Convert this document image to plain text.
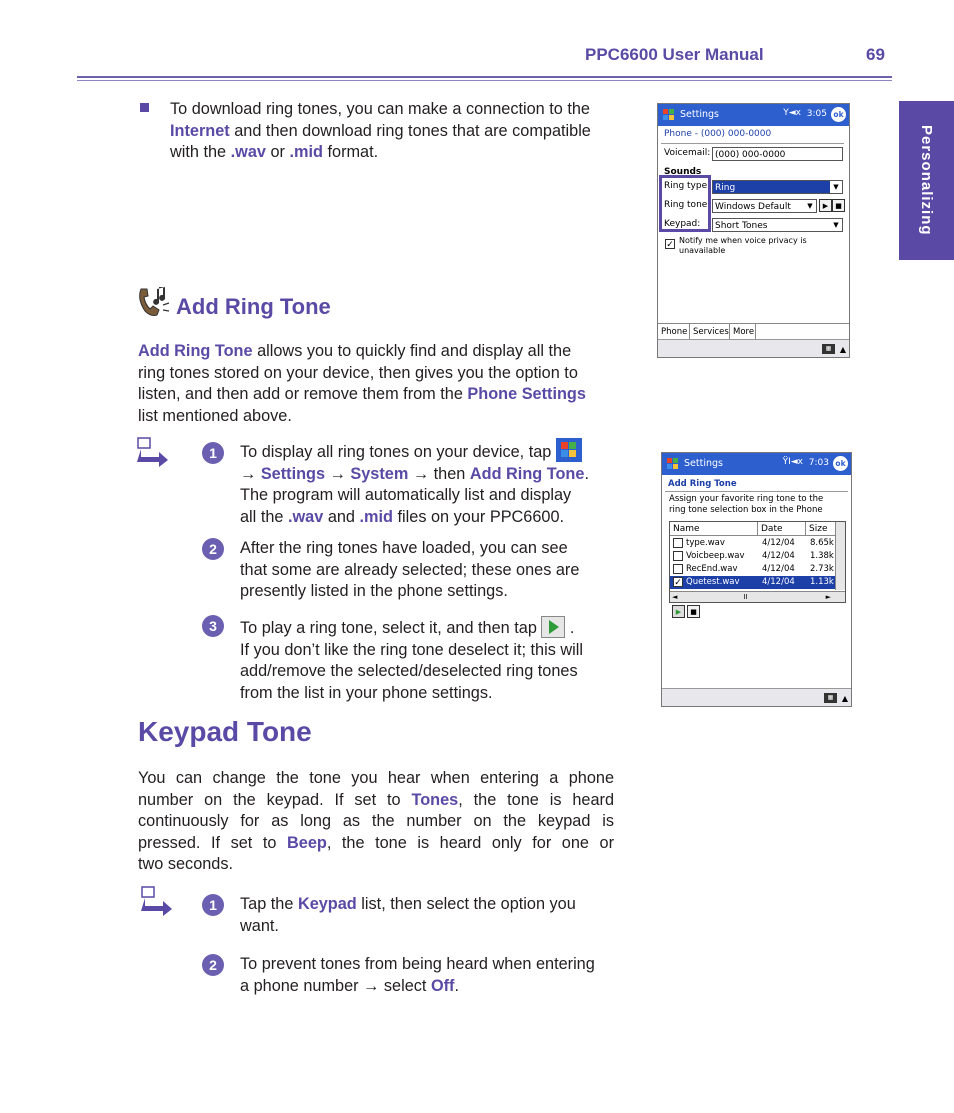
PPC6600 User Manual	69
Personalizing
To download ring tones, you can make a connection to the
Internet and then download ring tones that are compatible
with the .wav or .mid format.
Add Ring Tone
Add Ring Tone allows you to quickly find and display all the
ring tones stored on your device, then gives you the option to
listen, and then add or remove them from the Phone Settings
list mentioned above.
1	To display all ring tones on your device, tap
→ Settings → System → then Add Ring Tone.
The program will automatically list and display
all the .wav and .mid files on your PPC6600.
2	After the ring tones have loaded, you can see
that some are already selected; these ones are
presently listed in the phone settings.
3	To play a ring tone, select it, and then tap  .
If you don’t like the ring tone deselect it; this will
add/remove the selected/deselected ring tones
from the list in your phone settings.
Keypad Tone
You can change the tone you hear when entering a phone
number on the keypad. If set to Tones, the tone is heard
continuously for as long as the number on the keypad is
pressed. If set to Beep, the tone is heard only for one or
two seconds.
1	Tap the Keypad list, then select the option you
want.
2	To prevent tones from being heard when entering
a phone number → select Off.
Settings	3:05
Y◄x	ok
Phone - (000) 000-0000
Voicemail: (000) 000-0000
Sounds
Ring type: Ring	▼
Ring tone: Windows Default	▼	▶	■
Keypad:	Short Tones	▼
✓ Notify me when voice privacy is
unavailable
Phone Services More
▦	▲
Settings	7:03
ŸI◄x	ok
Add Ring Tone
Assign your favorite ring tone to the
ring tone selection box in the Phone
Name	Date	Size
type.wav	4/12/04 8.65k
Voicbeep.wav 4/12/04 1.38k
RecEnd.wav	4/12/04 2.73k
✓ Quetest.wav	4/12/04 1.13k
◄	II	►
▶	■
▦	▲
